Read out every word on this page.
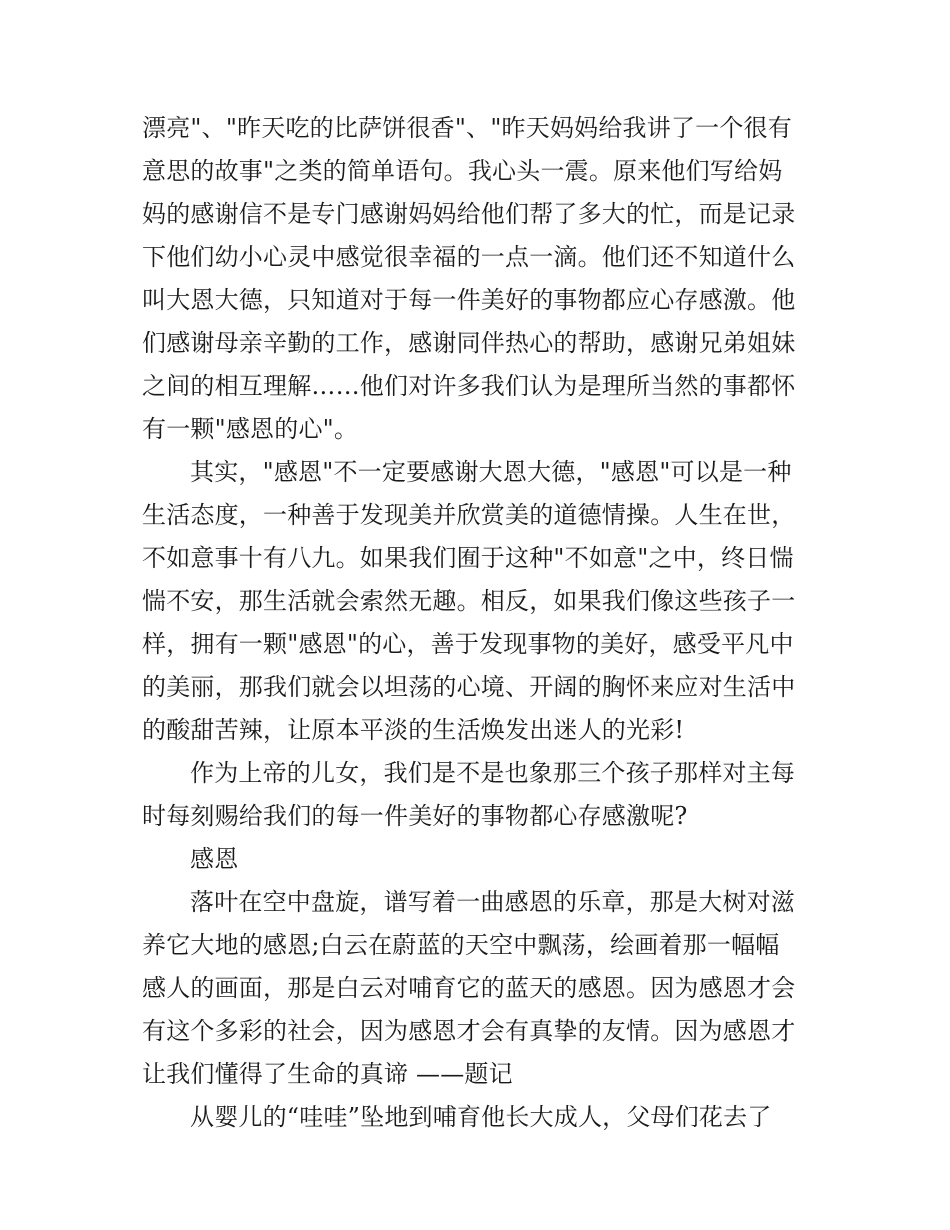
漂亮"、"昨天吃的比萨饼很香"、"昨天妈妈给我讲了一个很有
意思的故事"之类的简单语句。我心头一震。原来他们写给妈
妈的感谢信不是专门感谢妈妈给他们帮了多大的忙，而是记录
下他们幼小心灵中感觉很幸福的一点一滴。他们还不知道什么
叫大恩大德，只知道对于每一件美好的事物都应心存感激。他
们感谢母亲辛勤的工作，感谢同伴热心的帮助，感谢兄弟姐妹
之间的相互理解……他们对许多我们认为是理所当然的事都怀
有一颗"感恩的心"。
其实，"感恩"不一定要感谢大恩大德，"感恩"可以是一种
生活态度，一种善于发现美并欣赏美的道德情操。人生在世，
不如意事十有八九。如果我们囿于这种"不如意"之中，终日惴
惴不安，那生活就会索然无趣。相反，如果我们像这些孩子一
样，拥有一颗"感恩"的心，善于发现事物的美好，感受平凡中
的美丽，那我们就会以坦荡的心境、开阔的胸怀来应对生活中
的酸甜苦辣，让原本平淡的生活焕发出迷人的光彩!
作为上帝的儿女，我们是不是也象那三个孩子那样对主每
时每刻赐给我们的每一件美好的事物都心存感激呢?
感恩
落叶在空中盘旋，谱写着一曲感恩的乐章，那是大树对滋
养它大地的感恩;白云在蔚蓝的天空中飘荡，绘画着那一幅幅
感人的画面，那是白云对哺育它的蓝天的感恩。因为感恩才会
有这个多彩的社会，因为感恩才会有真挚的友情。因为感恩才
让我们懂得了生命的真谛 ——题记
从婴儿的“哇哇”坠地到哺育他长大成人，父母们花去了
